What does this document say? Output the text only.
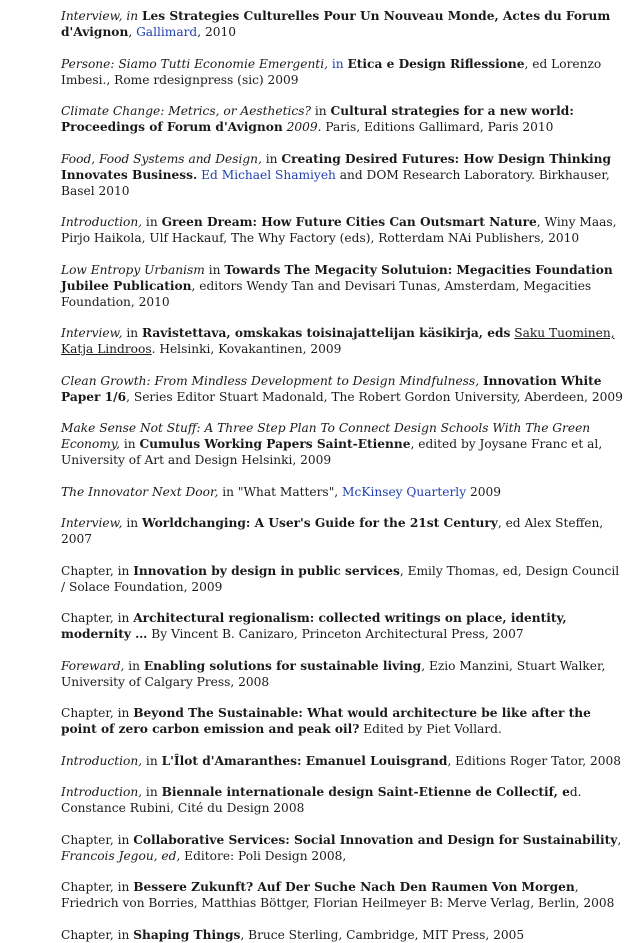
Interview, in Les Strategies Culturelles Pour Un Nouveau Monde, Actes du Forum d'Avignon, Gallimard, 2010

Persone: Siamo Tutti Economie Emergenti, in Etica e Design Riflessione, ed Lorenzo Imbesi., Rome rdesignpress (sic) 2009

Climate Change: Metrics, or Aesthetics? in Cultural strategies for a new world: Proceedings of Forum d'Avignon 2009. Paris, Editions Gallimard, Paris 2010

Food, Food Systems and Design, in Creating Desired Futures: How Design Thinking Innovates Business. Ed Michael Shamiyeh and DOM Research Laboratory. Birkhauser, Basel 2010

Introduction, in Green Dream: How Future Cities Can Outsmart Nature, Winy Maas, Pirjo Haikola, Ulf Hackauf, The Why Factory (eds), Rotterdam NAi Publishers, 2010

Low Entropy Urbanism in Towards The Megacity Solutuion: Megacities Foundation Jubilee Publication, editors Wendy Tan and Devisari Tunas, Amsterdam, Megacities Foundation, 2010

Interview, in Ravistettava, omskakas toisinajattelijan käsikirja, eds Saku Tuominen, Katja Lindroos. Helsinki, Kovakantinen, 2009

Clean Growth: From Mindless Development to Design Mindfulness, Innovation White Paper 1/6, Series Editor Stuart Madonald, The Robert Gordon University, Aberdeen, 2009

Make Sense Not Stuff: A Three Step Plan To Connect Design Schools With The Green Economy, in Cumulus Working Papers Saint-Etienne, edited by Joysane Franc et al, University of Art and Design Helsinki, 2009

The Innovator Next Door, in "What Matters", McKinsey Quarterly 2009

Interview, in Worldchanging: A User's Guide for the 21st Century, ed Alex Steffen, 2007

Chapter, in Innovation by design in public services, Emily Thomas, ed, Design Council / Solace Foundation, 2009

Chapter, in Architectural regionalism: collected writings on place, identity, modernity … By Vincent B. Canizaro, Princeton Architectural Press, 2007

Foreward, in Enabling solutions for sustainable living, Ezio Manzini, Stuart Walker, University of Calgary Press, 2008

Chapter, in Beyond The Sustainable: What would architecture be like after the point of zero carbon emission and peak oil? Edited by Piet Vollard.

Introduction, in L'Îlot d'Amaranthes: Emanuel Louisgrand, Editions Roger Tator, 2008

Introduction, in Biennale internationale design Saint-Etienne de Collectif, ed. Constance Rubini, Cité du Design 2008

Chapter, in Collaborative Services: Social Innovation and Design for Sustainability, Francois Jegou, ed, Editore: Poli Design 2008,

Chapter, in Bessere Zukunft? Auf Der Suche Nach Den Raumen Von Morgen, Friedrich von Borries, Matthias Böttger, Florian Heilmeyer B: Merve Verlag, Berlin, 2008

Chapter, in Shaping Things, Bruce Sterling, Cambridge, MIT Press, 2005
